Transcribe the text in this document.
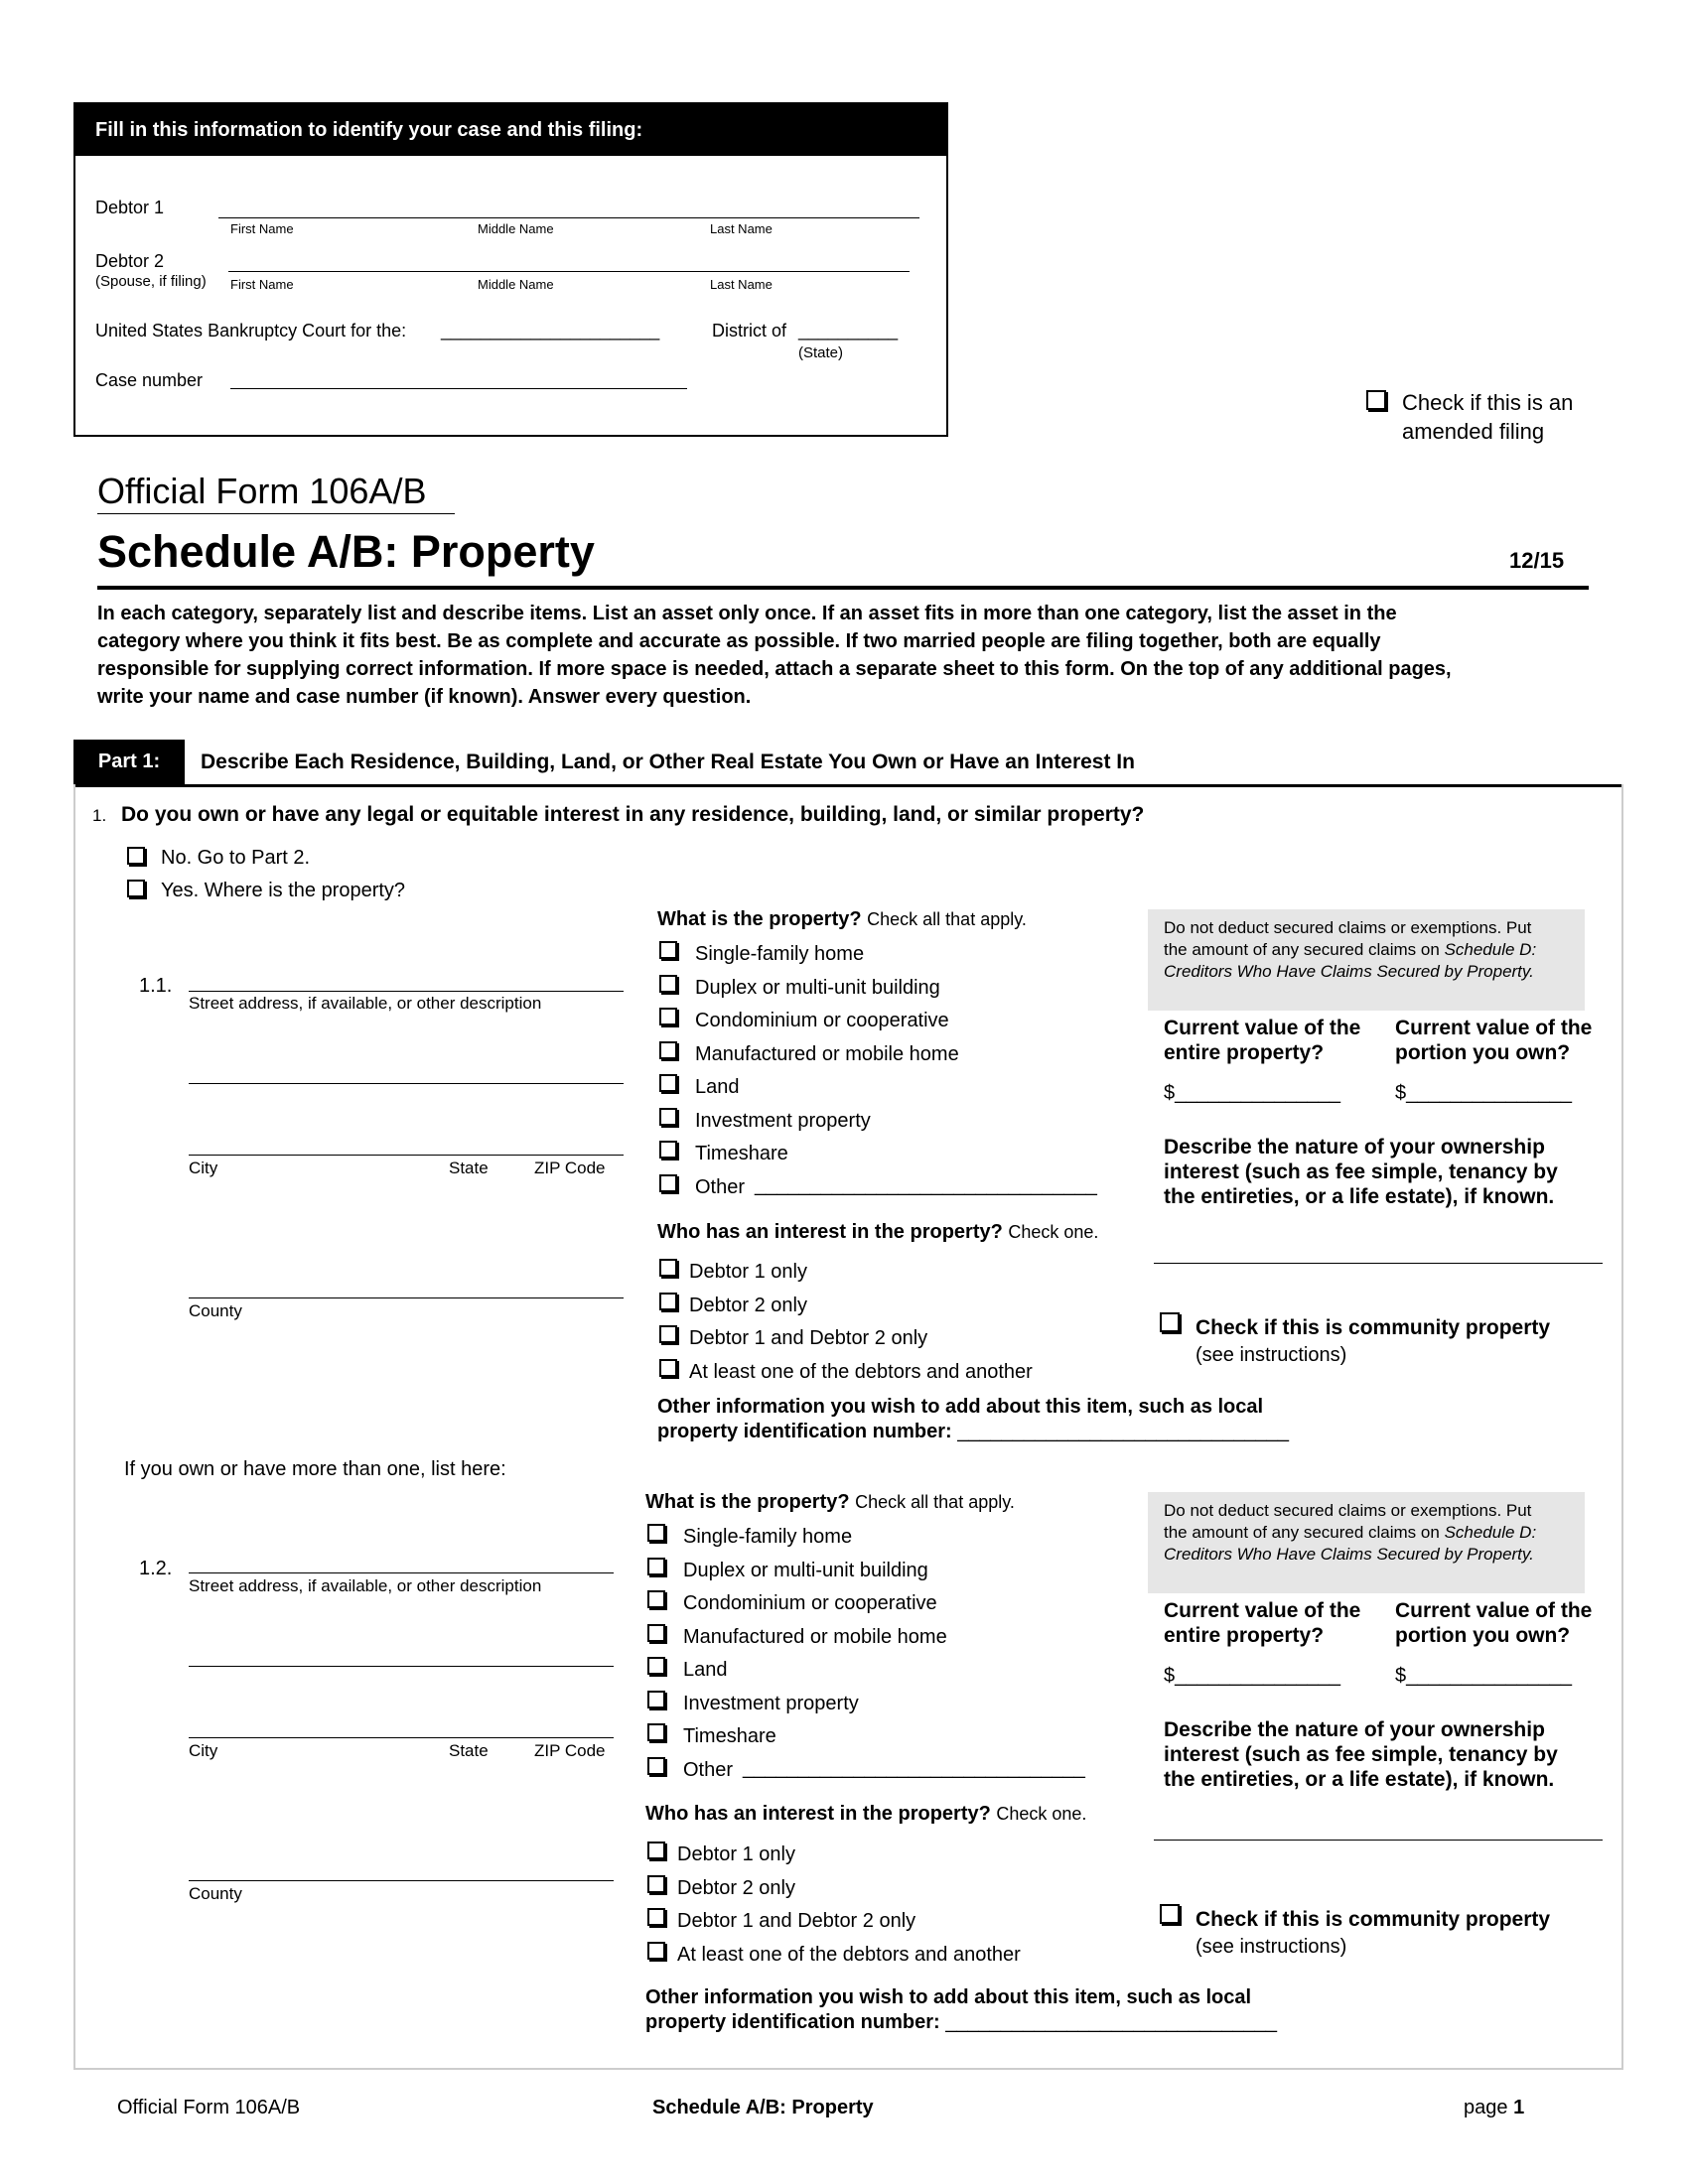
Fill in this information to identify your case and this filing:
Debtor 1
First Name	Middle Name	Last Name
Debtor 2
(Spouse, if filing) First Name	Middle Name	Last Name
United States Bankruptcy Court for the: ______________________	District of __________
(State)
Case number
Check if this is an
amended filing
Official Form 106A/B
Schedule A/B: Property	12/15
In each category, separately list and describe items. List an asset only once. If an asset fits in more than one category, list the asset in the
category where you think it fits best. Be as complete and accurate as possible. If two married people are filing together, both are equally
responsible for supplying correct information. If more space is needed, attach a separate sheet to this form. On the top of any additional pages,
write your name and case number (if known). Answer every question.
Part 1:	Describe Each Residence, Building, Land, or Other Real Estate You Own or Have an Interest In
1. Do you own or have any legal or equitable interest in any residence, building, land, or similar property?
No. Go to Part 2.
Yes. Where is the property?
1.1.
Street address, if available, or other description
City	State	ZIP Code
County
What is the property? Check all that apply.
Single-family home
Duplex or multi-unit building
Condominium or cooperative
Manufactured or mobile home
Land
Investment property
Timeshare
Other _______________________________
Who has an interest in the property? Check one.
Debtor 1 only
Debtor 2 only
Debtor 1 and Debtor 2 only
At least one of the debtors and another
Other information you wish to add about this item, such as local
property identification number: ______________________________
Do not deduct secured claims or exemptions. Put
the amount of any secured claims on Schedule D:
Creditors Who Have Claims Secured by Property.
Current value of the
entire property?
Current value of the
portion you own?
$_______________	$_______________
Describe the nature of your ownership
interest (such as fee simple, tenancy by
the entireties, or a life estate), if known.
Check if this is community property
(see instructions)
If you own or have more than one, list here:
1.2.
Street address, if available, or other description
City	State	ZIP Code
County
What is the property? Check all that apply.
Single-family home
Duplex or multi-unit building
Condominium or cooperative
Manufactured or mobile home
Land
Investment property
Timeshare
Other _______________________________
Who has an interest in the property? Check one.
Debtor 1 only
Debtor 2 only
Debtor 1 and Debtor 2 only
At least one of the debtors and another
Other information you wish to add about this item, such as local
property identification number: ______________________________
Do not deduct secured claims or exemptions. Put
the amount of any secured claims on Schedule D:
Creditors Who Have Claims Secured by Property.
Current value of the
entire property?
Current value of the
portion you own?
$_______________	$_______________
Describe the nature of your ownership
interest (such as fee simple, tenancy by
the entireties, or a life estate), if known.
Check if this is community property
(see instructions)
Official Form 106A/B	Schedule A/B: Property	page 1
